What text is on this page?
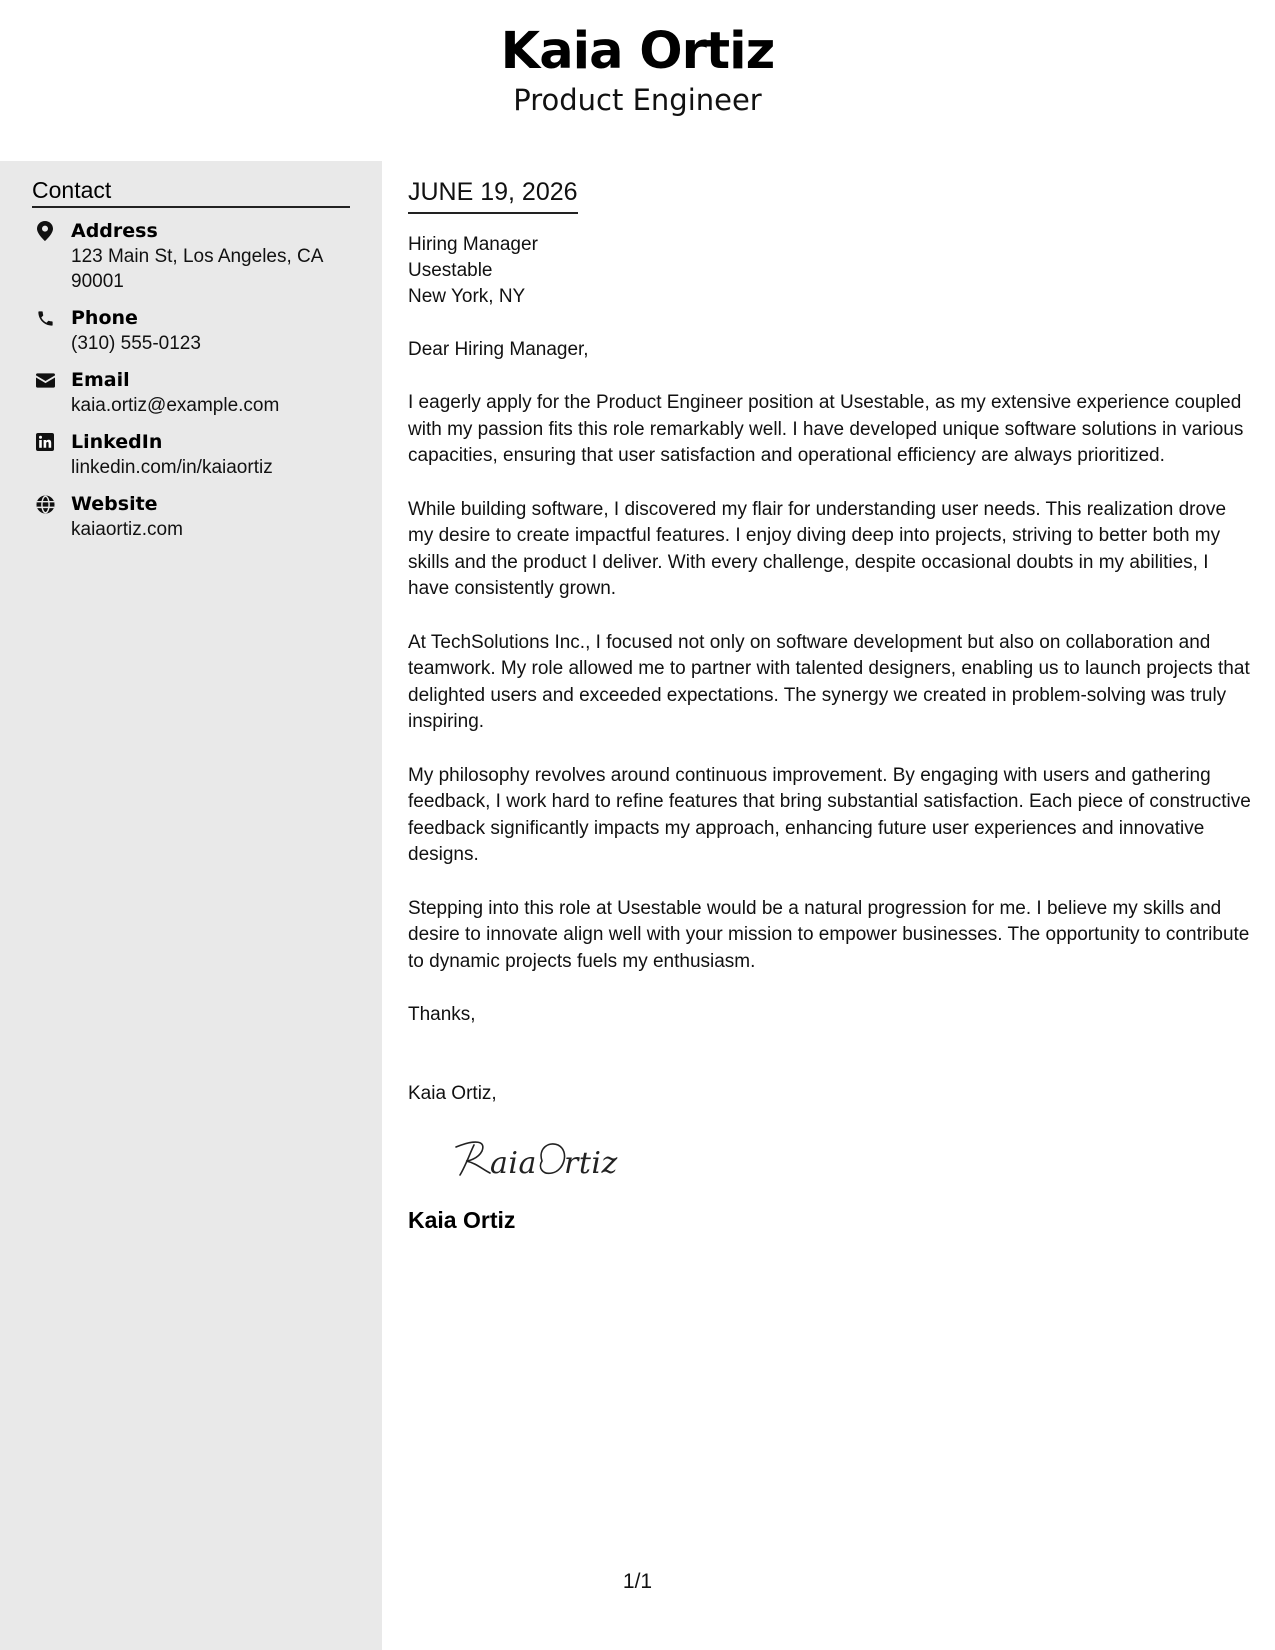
Kaia Ortiz
Product Engineer
Contact
Address
123 Main St, Los Angeles, CA 90001
Phone
(310) 555-0123
Email
kaia.ortiz@example.com
LinkedIn
linkedin.com/in/kaiaortiz
Website
kaiaortiz.com
JUNE 19, 2026
Hiring Manager
Usestable
New York, NY
Dear Hiring Manager,
I eagerly apply for the Product Engineer position at Usestable, as my extensive experience coupled with my passion fits this role remarkably well. I have developed unique software solutions in various capacities, ensuring that user satisfaction and operational efficiency are always prioritized.
While building software, I discovered my flair for understanding user needs. This realization drove my desire to create impactful features. I enjoy diving deep into projects, striving to better both my skills and the product I deliver. With every challenge, despite occasional doubts in my abilities, I have consistently grown.
At TechSolutions Inc., I focused not only on software development but also on collaboration and teamwork. My role allowed me to partner with talented designers, enabling us to launch projects that delighted users and exceeded expectations. The synergy we created in problem-solving was truly inspiring.
My philosophy revolves around continuous improvement. By engaging with users and gathering feedback, I work hard to refine features that bring substantial satisfaction. Each piece of constructive feedback significantly impacts my approach, enhancing future user experiences and innovative designs.
Stepping into this role at Usestable would be a natural progression for me. I believe my skills and desire to innovate align well with your mission to empower businesses. The opportunity to contribute to dynamic projects fuels my enthusiasm.
Thanks,
Kaia Ortiz,
aia rtiz
Kaia Ortiz
1/1
